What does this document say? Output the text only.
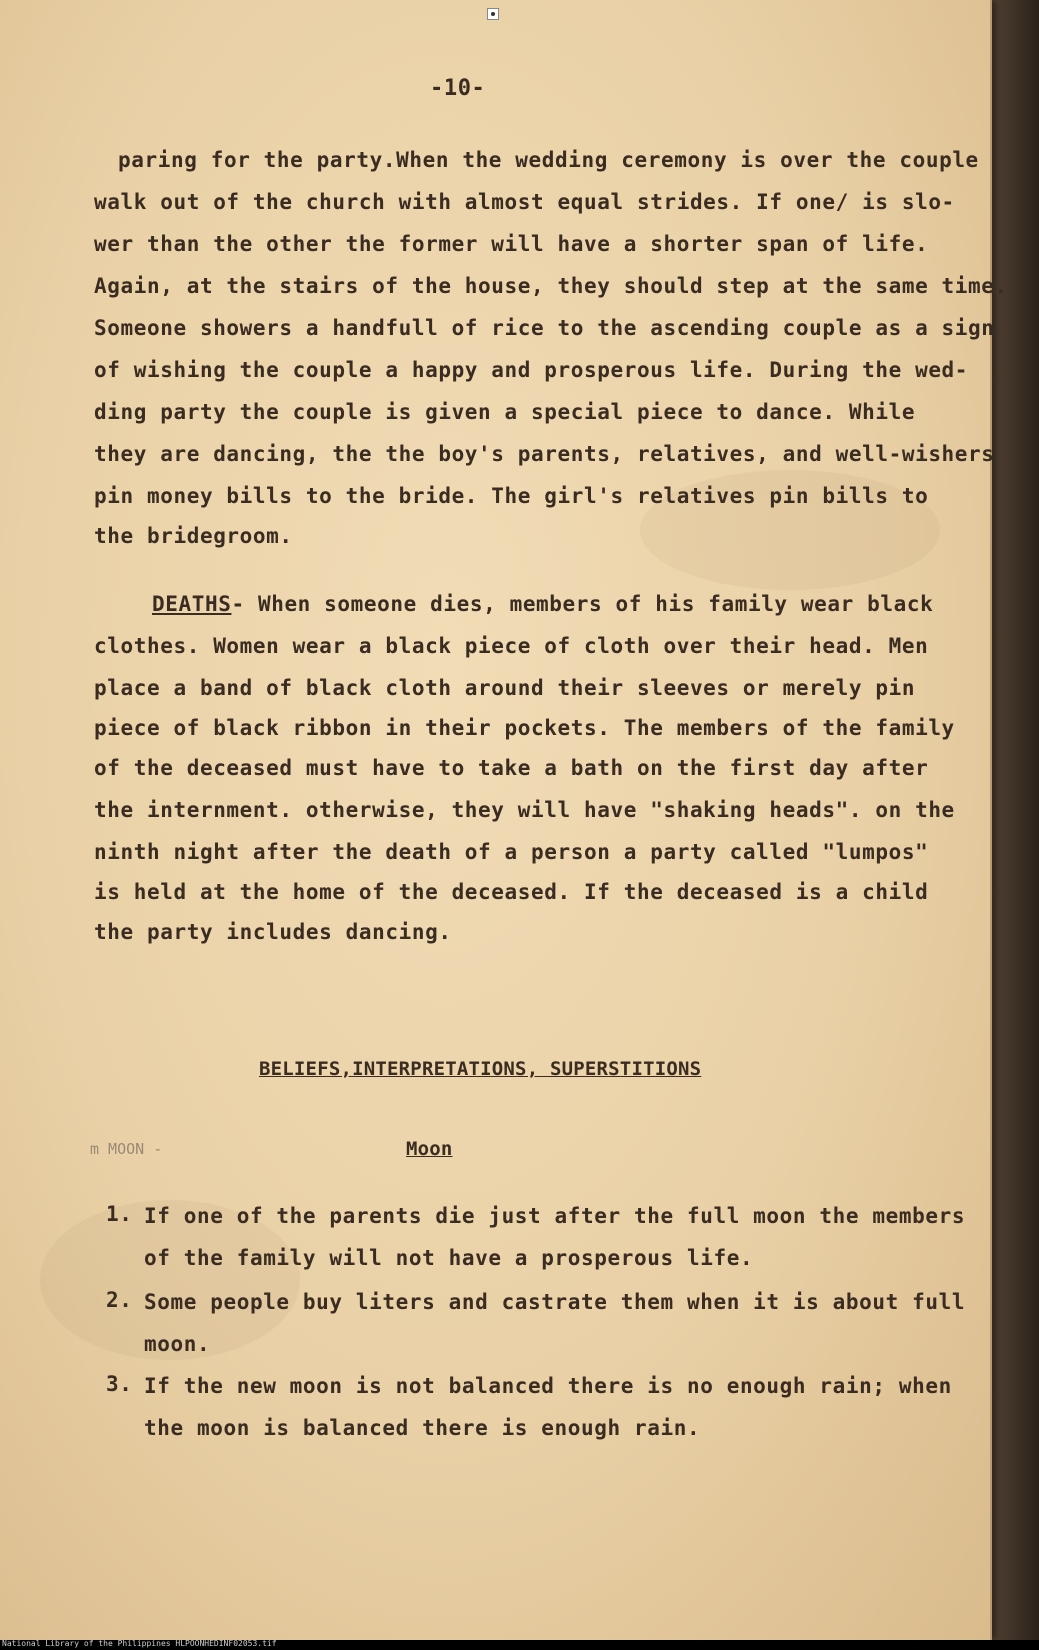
-10-
paring for the party.When the wedding ceremony is over the couple
walk out of the church with almost equal strides. If one/ is slo-
wer than the other the former will have a shorter span of life.
Again, at the stairs of the house, they should step at the same time.
Someone showers a handfull of rice to the ascending couple as a sign
of wishing the couple a happy and prosperous life. During the wed-
ding party the couple is given a special piece to dance. While
they are dancing, the the boy's parents, relatives, and well-wishers
pin money bills to the bride. The girl's relatives pin bills to
the bridegroom.
DEATHS- When someone dies, members of his family wear black
clothes. Women wear a black piece of cloth over their head. Men
place a band of black cloth around their sleeves or merely pin
piece of black ribbon in their pockets. The members of the family
of the deceased must have to take a bath on the first day after
the internment. otherwise, they will have "shaking heads". on the
ninth night after the death of a person a party called "lumpos"
is held at the home of the deceased. If the deceased is a child
the party includes dancing.
BELIEFS,INTERPRETATIONS, SUPERSTITIONS
m MOON -	Moon
1. If one of the parents die just after the full moon the members
of the family will not have a prosperous life.
2. Some people buy liters and castrate them when it is about full
moon.
3. If the new moon is not balanced there is no enough rain; when
the moon is balanced there is enough rain.
National Library of the Philippines HLPOONHEDINF02053.tif
